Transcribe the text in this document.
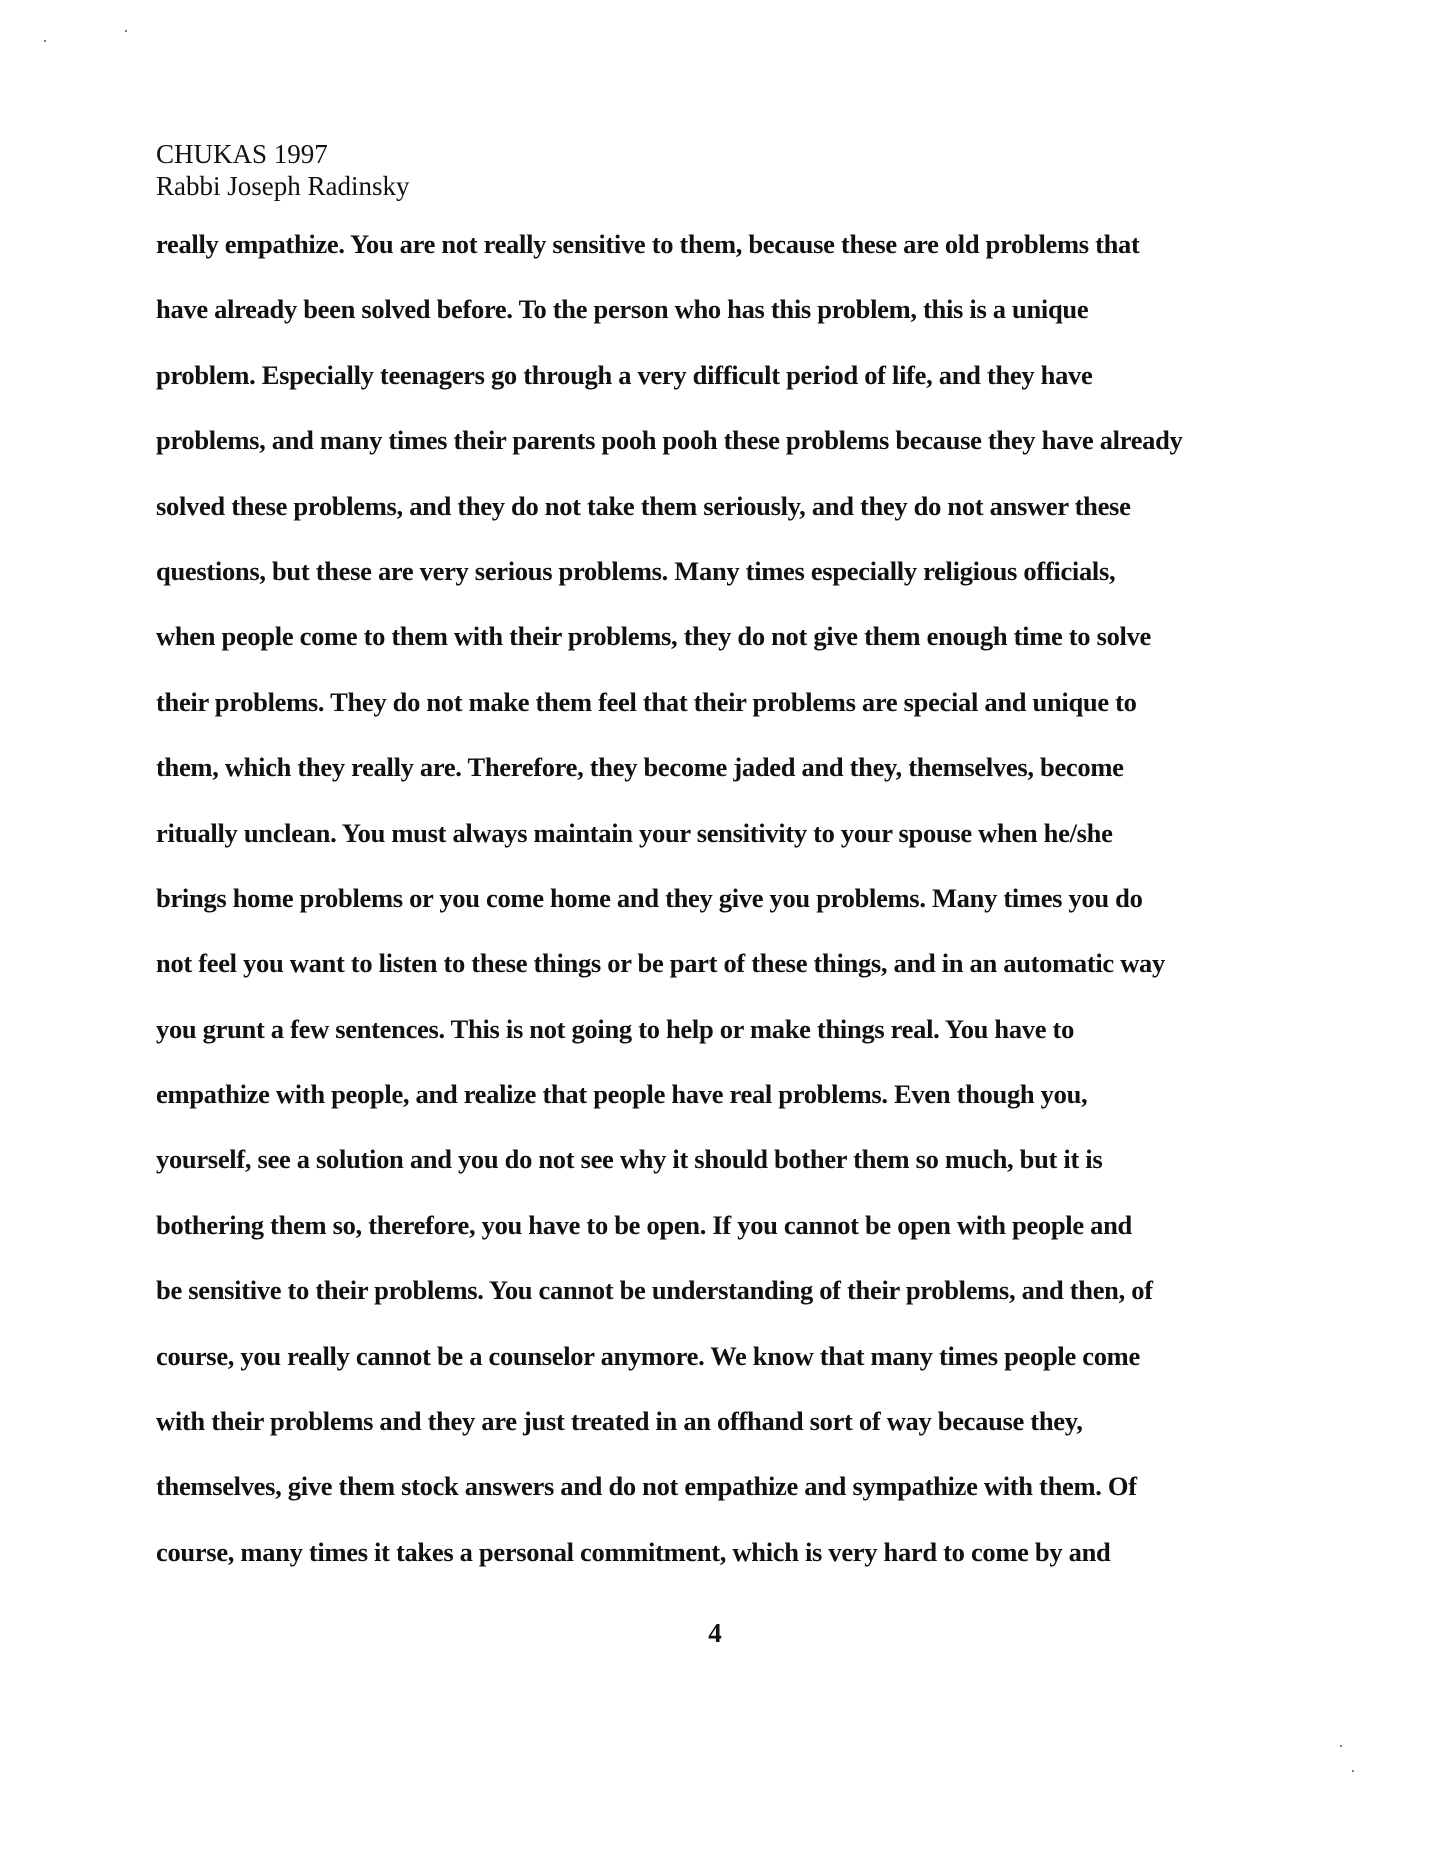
CHUKAS 1997
Rabbi Joseph Radinsky
really empathize. You are not really sensitive to them, because these are old problems that
have already been solved before. To the person who has this problem, this is a unique
problem. Especially teenagers go through a very difficult period of life, and they have
problems, and many times their parents pooh pooh these problems because they have already
solved these problems, and they do not take them seriously, and they do not answer these
questions, but these are very serious problems. Many times especially religious officials,
when people come to them with their problems, they do not give them enough time to solve
their problems. They do not make them feel that their problems are special and unique to
them, which they really are. Therefore, they become jaded and they, themselves, become
ritually unclean. You must always maintain your sensitivity to your spouse when he/she
brings home problems or you come home and they give you problems. Many times you do
not feel you want to listen to these things or be part of these things, and in an automatic way
you grunt a few sentences. This is not going to help or make things real. You have to
empathize with people, and realize that people have real problems. Even though you,
yourself, see a solution and you do not see why it should bother them so much, but it is
bothering them so, therefore, you have to be open. If you cannot be open with people and
be sensitive to their problems. You cannot be understanding of their problems, and then, of
course, you really cannot be a counselor anymore. We know that many times people come
with their problems and they are just treated in an offhand sort of way because they,
themselves, give them stock answers and do not empathize and sympathize with them. Of
course, many times it takes a personal commitment, which is very hard to come by and
4
